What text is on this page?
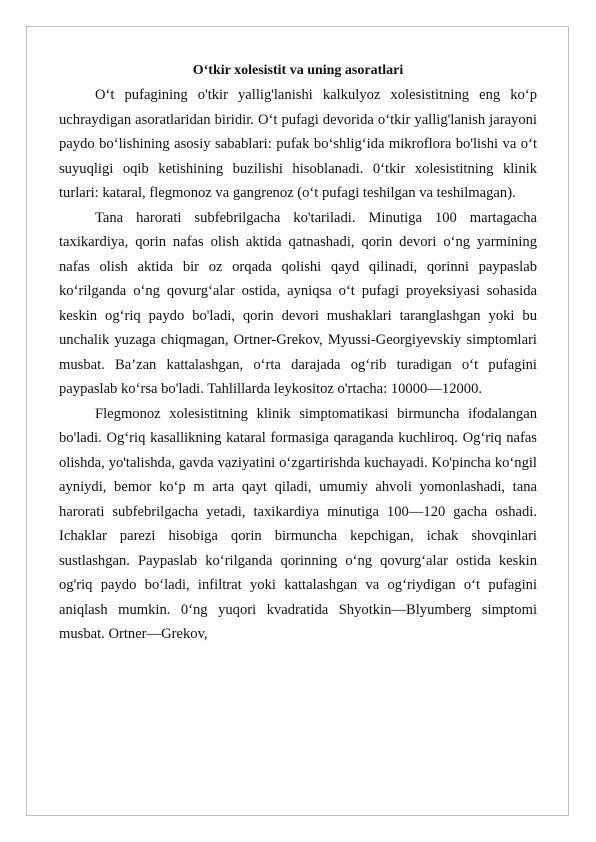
O‘tkir xolesistit va uning asoratlari

O‘t pufagining o'tkir yallig'lanishi kalkulyoz xolesistitning eng ko‘p uchraydigan asoratlaridan biridir. O‘t pufagi devorida o‘tkir yallig'lanish jarayoni paydo bo‘lishining asosiy sabablari: pufak bo‘shlig‘ida mikroflora bo'lishi va o‘t suyuqligi oqib ketishining buzilishi hisoblanadi. 0‘tkir xolesistitning klinik turlari: kataral, flegmonoz va gangrenoz (o‘t pufagi teshilgan va teshilmagan).

Tana harorati subfebrilgacha ko'tariladi. Minutiga 100 martagacha taxikardiya, qorin nafas olish aktida qatnashadi, qorin devori o‘ng yarmining nafas olish aktida bir oz orqada qolishi qayd qilinadi, qorinni paypaslab ko‘rilganda o‘ng qovurg‘alar ostida, ayniqsa o‘t pufagi proyeksiyasi sohasida keskin og‘riq paydo bo'ladi, qorin devori mushaklari taranglashgan yoki bu unchalik yuzaga chiqmagan, Ortner-Grekov, Myussi-Georgiyevskiy simptomlari musbat. Ba’zan kattalashgan, o‘rta darajada og‘rib turadigan o‘t pufagini paypaslab ko‘rsa bo'ladi. Tahlillarda leykositoz o'rtacha: 10000—12000.

Flegmonoz xolesistitning klinik simptomatikasi birmuncha ifodalangan bo'ladi. Og‘riq kasallikning kataral formasiga qaraganda kuchliroq. Og‘riq nafas olishda, yo'talishda, gavda vaziyatini o‘zgartirishda kuchayadi. Ko'pincha ko‘ngil ayniydi, bemor ko‘p m arta qayt qiladi, umumiy ahvoli yomonlashadi, tana harorati subfebrilgacha yetadi, taxikardiya minutiga 100—120 gacha oshadi. Ichaklar parezi hisobiga qorin birmuncha kepchigan, ichak shovqinlari sustlashgan. Paypaslab ko‘rilganda qorinning o‘ng qovurg‘alar ostida keskin og'riq paydo bo‘ladi, infiltrat yoki kattalashgan va og‘riydigan o‘t pufagini aniqlash mumkin. 0‘ng yuqori kvadratida Shyotkin—Blyumberg simptomi musbat. Ortner—Grekov,
